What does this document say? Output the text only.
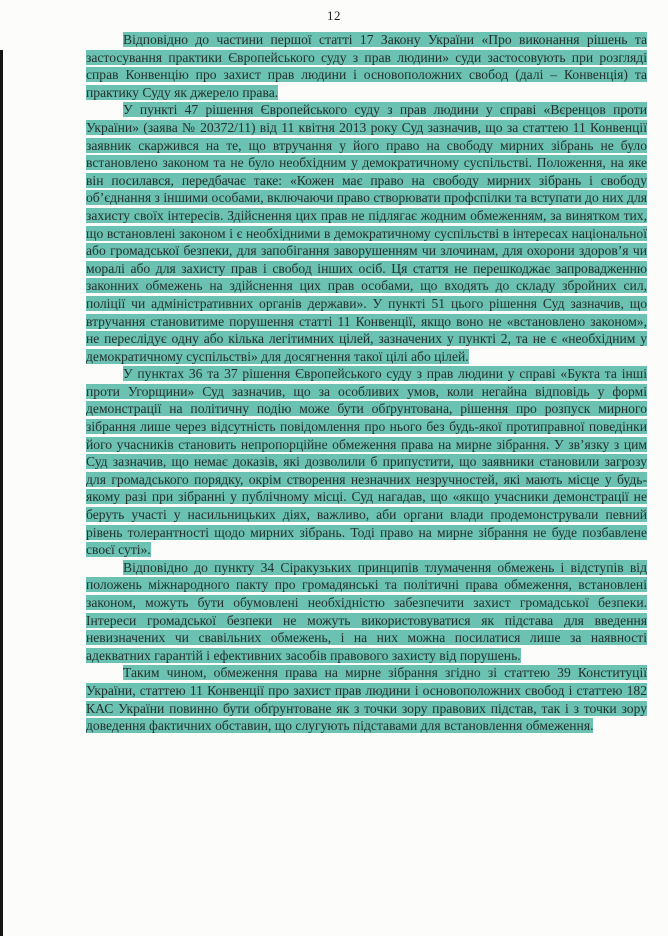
12

Відповідно до частини першої статті 17 Закону України «Про виконання рішень та застосування практики Європейського суду з прав людини» суди застосовують при розгляді справ Конвенцію про захист прав людини і основоположних свобод (далі – Конвенція) та практику Суду як джерело права.

У пункті 47 рішення Європейського суду з прав людини у справі «Вєренцов проти України» (заява № 20372/11) від 11 квітня 2013 року Суд зазначив, що за статтею 11 Конвенції заявник скаржився на те, що втручання у його право на свободу мирних зібрань не було встановлено законом та не було необхідним у демократичному суспільстві. Положення, на яке він посилався, передбачає таке: «Кожен має право на свободу мирних зібрань і свободу об’єднання з іншими особами, включаючи право створювати профспілки та вступати до них для захисту своїх інтересів. Здійснення цих прав не підлягає жодним обмеженням, за винятком тих, що встановлені законом і є необхідними в демократичному суспільстві в інтересах національної або громадської безпеки, для запобігання заворушенням чи злочинам, для охорони здоров’я чи моралі або для захисту прав і свобод інших осіб. Ця стаття не перешкоджає запровадженню законних обмежень на здійснення цих прав особами, що входять до складу збройних сил, поліції чи адміністративних органів держави». У пункті 51 цього рішення Суд зазначив, що втручання становитиме порушення статті 11 Конвенції, якщо воно не «встановлено законом», не переслідує одну або кілька легітимних цілей, зазначених у пункті 2, та не є «необхідним у демократичному суспільстві» для досягнення такої цілі або цілей.

У пунктах 36 та 37 рішення Європейського суду з прав людини у справі «Букта та інші проти Угорщини» Суд зазначив, що за особливих умов, коли негайна відповідь у формі демонстрації на політичну подію може бути обґрунтована, рішення про розпуск мирного зібрання лише через відсутність повідомлення про нього без будь-якої протиправної поведінки його учасників становить непропорційне обмеження права на мирне зібрання. У зв’язку з цим Суд зазначив, що немає доказів, які дозволили б припустити, що заявники становили загрозу для громадського порядку, окрім створення незначних незручностей, які мають місце у будь-якому разі при зібранні у публічному місці. Суд нагадав, що «якщо учасники демонстрації не беруть участі у насильницьких діях, важливо, аби органи влади продемонстрували певний рівень толерантності щодо мирних зібрань. Тоді право на мирне зібрання не буде позбавлене своєї суті».

Відповідно до пункту 34 Сіракузьких принципів тлумачення обмежень і відступів від положень міжнародного пакту про громадянські та політичні права обмеження, встановлені законом, можуть бути обумовлені необхідністю забезпечити захист громадської безпеки. Інтереси громадської безпеки не можуть використовуватися як підстава для введення невизначених чи свавільних обмежень, і на них можна посилатися лише за наявності адекватних гарантій і ефективних засобів правового захисту від порушень.

Таким чином, обмеження права на мирне зібрання згідно зі статтею 39 Конституції України, статтею 11 Конвенції про захист прав людини і основоположних свобод і статтею 182 КАС України повинно бути обґрунтоване як з точки зору правових підстав, так і з точки зору доведення фактичних обставин, що слугують підставами для встановлення обмеження.
